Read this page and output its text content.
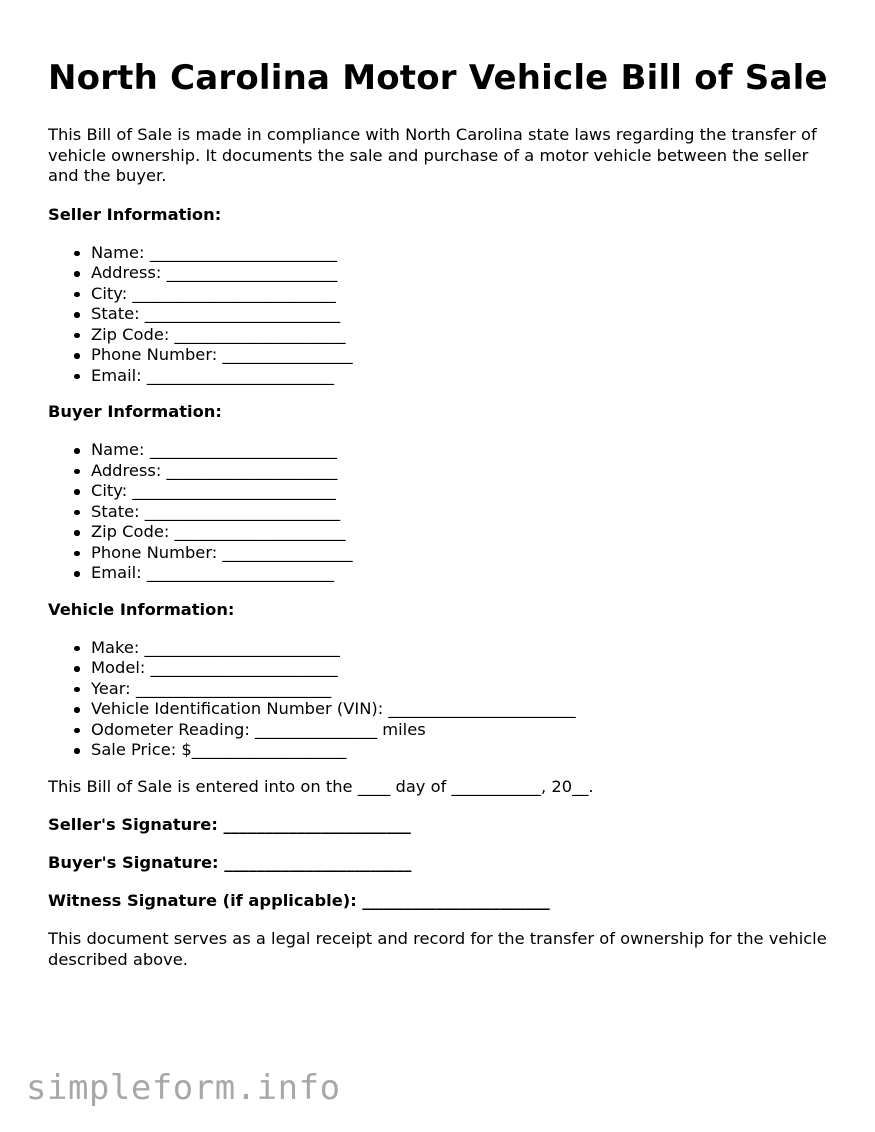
North Carolina Motor Vehicle Bill of Sale

This Bill of Sale is made in compliance with North Carolina state laws regarding the transfer of vehicle ownership. It documents the sale and purchase of a motor vehicle between the seller and the buyer.

Seller Information:
Name: _______________________
Address: _____________________
City: _________________________
State: ________________________
Zip Code: _____________________
Phone Number: ________________
Email: _______________________
Buyer Information:
Name: _______________________
Address: _____________________
City: _________________________
State: ________________________
Zip Code: _____________________
Phone Number: ________________
Email: _______________________
Vehicle Information:
Make: ________________________
Model: _______________________
Year: ________________________
Vehicle Identification Number (VIN): _______________________
Odometer Reading: _______________ miles
Sale Price: $___________________

This Bill of Sale is entered into on the ____ day of ___________, 20__.

Seller's Signature: _______________________
Buyer's Signature: _______________________
Witness Signature (if applicable): _______________________

This document serves as a legal receipt and record for the transfer of ownership for the vehicle described above.

simpleform.info
